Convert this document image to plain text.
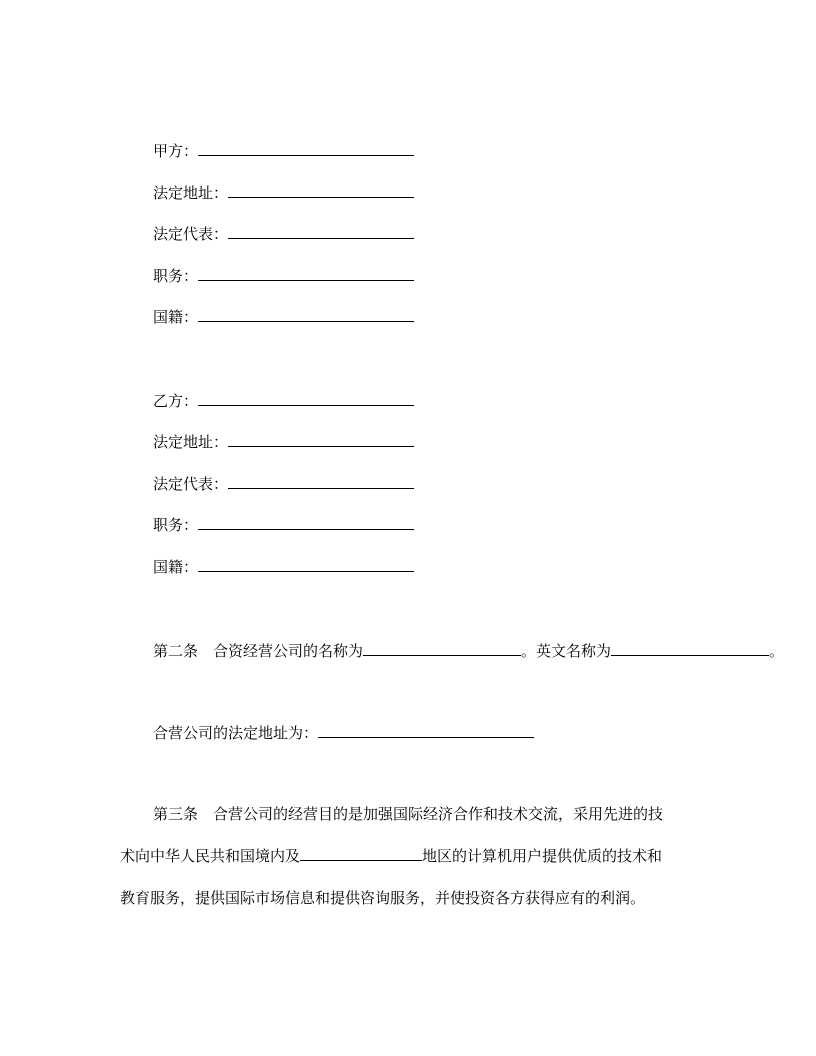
甲方：
法定地址：
法定代表：
职务：
国籍：
乙方：
法定地址：
法定代表：
职务：
国籍：
第二条　合资经营公司的名称为	。英文名称为	。
合营公司的法定地址为：
第三条　合营公司的经营目的是加强国际经济合作和技术交流，采用先进的技
术向中华人民共和国境内及	地区的计算机用户提供优质的技术和
教育服务，提供国际市场信息和提供咨询服务，并使投资各方获得应有的利润。
